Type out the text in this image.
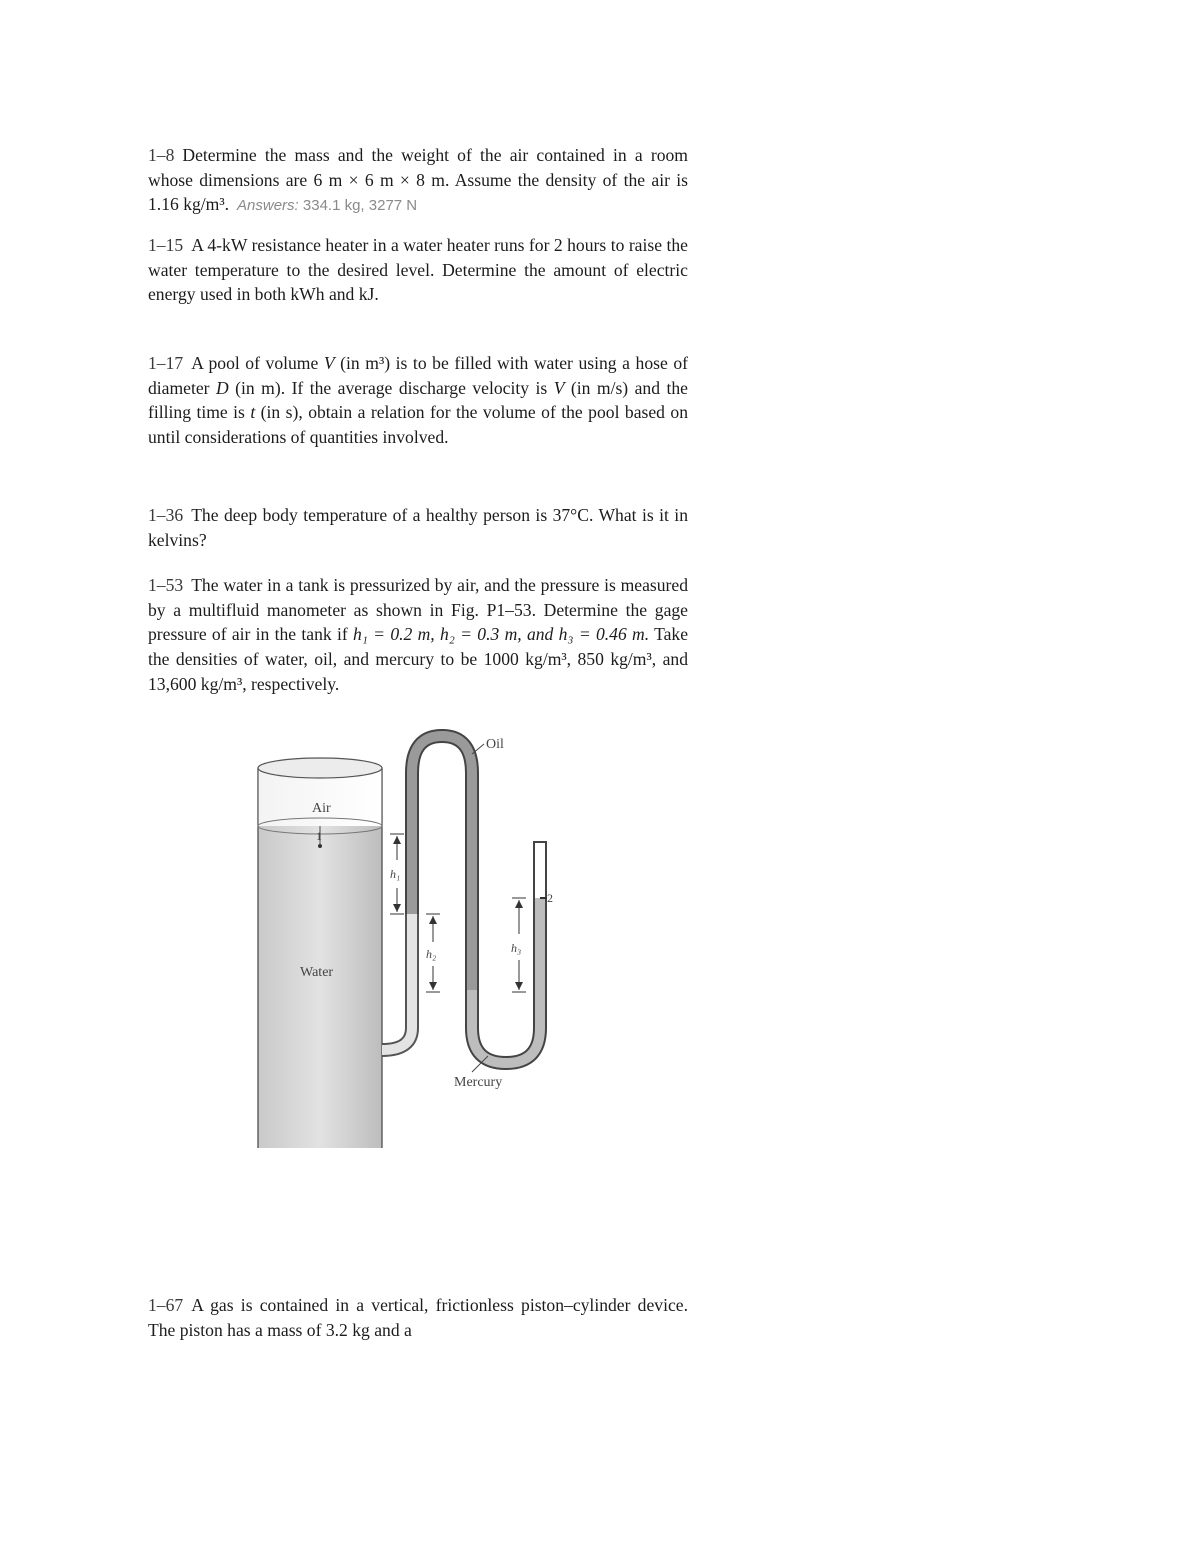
1–8 Determine the mass and the weight of the air contained in a room whose dimensions are 6 m × 6 m × 8 m. Assume the density of the air is 1.16 kg/m³. Answers: 334.1 kg, 3277 N

1–15 A 4-kW resistance heater in a water heater runs for 2 hours to raise the water temperature to the desired level. Determine the amount of electric energy used in both kWh and kJ.

1–17 A pool of volume V (in m³) is to be filled with water using a hose of diameter D (in m). If the average discharge velocity is V (in m/s) and the filling time is t (in s), obtain a relation for the volume of the pool based on until considerations of quantities involved.

1–36 The deep body temperature of a healthy person is 37°C. What is it in kelvins?

1–53 The water in a tank is pressurized by air, and the pressure is measured by a multifluid manometer as shown in Fig. P1–53. Determine the gage pressure of air in the tank if h₁ = 0.2 m, h₂ = 0.3 m, and h₃ = 0.46 m. Take the densities of water, oil, and mercury to be 1000 kg/m³, 850 kg/m³, and 13,600 kg/m³, respectively.

Air
1
Water
Oil
Mercury
2
h₁
h₂	h₃

1–67 A gas is contained in a vertical, frictionless piston–cylinder device. The piston has a mass of 3.2 kg and a
